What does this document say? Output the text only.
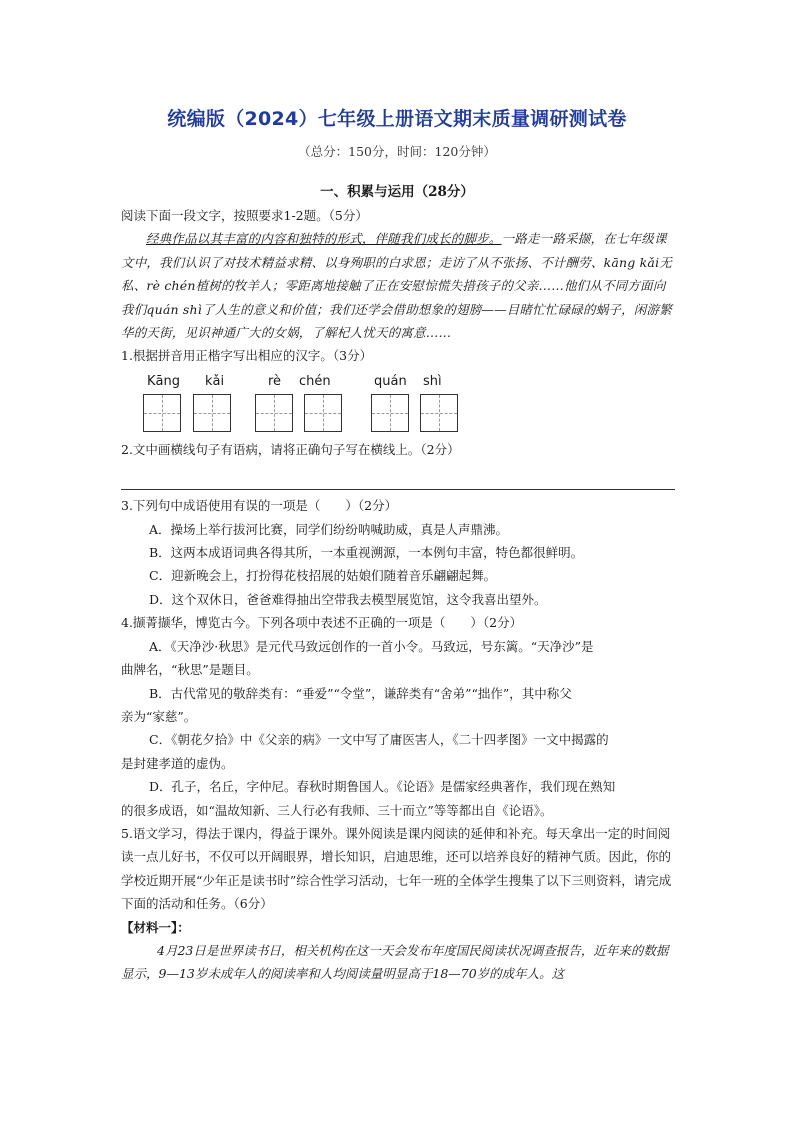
统编版（2024）七年级上册语文期末质量调研测试卷
（总分：150分，时间：120分钟）
一、积累与运用（28分）

阅读下面一段文字，按照要求1-2题。（5分）

经典作品以其丰富的内容和独特的形式，伴随我们成长的脚步。一路走一路采撷，在七年级课文中，我们认识了对技术精益求精、以身殉职的白求恩；走访了从不张扬、不计酬劳、kāng kǎi无私、rè chén植树的牧羊人；零距离地接触了正在安慰惊慌失措孩子的父亲……他们从不同方面向我们quán shì了人生的意义和价值；我们还学会借助想象的翅膀——目睹忙忙碌碌的蜗子，闲游繁华的天街，见识神通广大的女娲，了解杞人忧天的寓意……

1.根据拼音用正楷字写出相应的汉字。（3分）

Kāng kǎi	rè chén	quán shì

2.文中画横线句子有语病，请将正确句子写在横线上。（2分）

3.下列句中成语使用有误的一项是（　　）（2分）

A．操场上举行拔河比赛，同学们纷纷呐喊助威，真是人声鼎沸。

B．这两本成语词典各得其所，一本重视溯源，一本例句丰富，特色都很鲜明。

C．迎新晚会上，打扮得花枝招展的姑娘们随着音乐翩翩起舞。

D．这个双休日，爸爸难得抽出空带我去模型展览馆，这令我喜出望外。

4.撷菁撷华，博览古今。下列各项中表述不正确的一项是（　　）（2分）

A．《天净沙·秋思》是元代马致远创作的一首小令。马致远，号东篱。“天净沙”是

曲牌名，“秋思”是题目。

B．古代常见的敬辞类有：“垂爱”“令堂”，谦辞类有“舍弟”“拙作”，其中称父

亲为“家慈”。

C．《朝花夕拾》中《父亲的病》一文中写了庸医害人，《二十四孝图》一文中揭露的

是封建孝道的虚伪。

D．孔子，名丘，字仲尼。春秋时期鲁国人。《论语》是儒家经典著作，我们现在熟知

的很多成语，如“温故知新、三人行必有我师、三十而立”等等都出自《论语》。

5.语文学习，得法于课内，得益于课外。课外阅读是课内阅读的延伸和补充。每天拿出一定的时间阅读一点儿好书，不仅可以开阔眼界，增长知识，启迪思维，还可以培养良好的精神气质。因此，你的学校近期开展“少年正是读书时”综合性学习活动，七年一班的全体学生搜集了以下三则资料，请完成下面的活动和任务。（6分）

【材料一】：

4月23日是世界读书日，相关机构在这一天会发布年度国民阅读状况调查报告，近年来的数据显示，9—13岁未成年人的阅读率和人均阅读量明显高于18—70岁的成年人。这
